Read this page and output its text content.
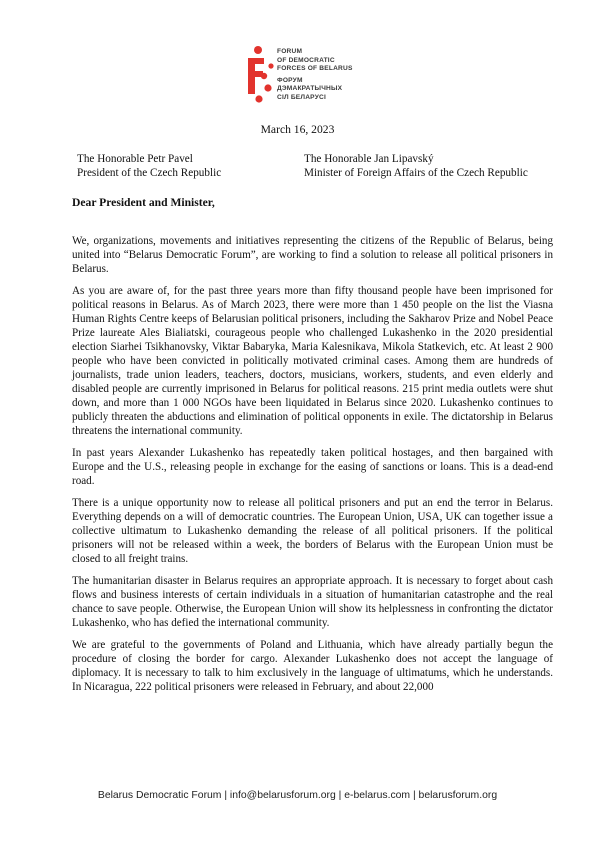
FORUM
OF DEMOCRATIC
FORCES OF BELARUS
ФОРУМ
ДЭМАКРАТЫЧНЫХ
СІЛ БЕЛАРУСІ
March 16, 2023
The Honorable Petr Pavel
President of the Czech Republic
The Honorable Jan Lipavský
Minister of Foreign Affairs of the Czech Republic
Dear President and Minister,

We, organizations, movements and initiatives representing the citizens of the Republic of Belarus, being united into “Belarus Democratic Forum”, are working to find a solution to release all political prisoners in Belarus.

As you are aware of, for the past three years more than fifty thousand people have been imprisoned for political reasons in Belarus. As of March 2023, there were more than 1 450 people on the list the Viasna Human Rights Centre keeps of Belarusian political prisoners, including the Sakharov Prize and Nobel Peace Prize laureate Ales Bialiatski, courageous people who challenged Lukashenko in the 2020 presidential election Siarhei Tsikhanovsky, Viktar Babaryka, Maria Kalesnikava, Mikola Statkevich, etc. At least 2 900 people who have been convicted in politically motivated criminal cases. Among them are hundreds of journalists, trade union leaders, teachers, doctors, musicians, workers, students, and even elderly and disabled people are currently imprisoned in Belarus for political reasons. 215 print media outlets were shut down, and more than 1 000 NGOs have been liquidated in Belarus since 2020. Lukashenko continues to publicly threaten the abductions and elimination of political opponents in exile. The dictatorship in Belarus threatens the international community.

In past years Alexander Lukashenko has repeatedly taken political hostages, and then bargained with Europe and the U.S., releasing people in exchange for the easing of sanctions or loans. This is a dead-end road.

There is a unique opportunity now to release all political prisoners and put an end the terror in Belarus. Everything depends on a will of democratic countries. The European Union, USA, UK can together issue a collective ultimatum to Lukashenko demanding the release of all political prisoners. If the political prisoners will not be released within a week, the borders of Belarus with the European Union must be closed to all freight trains.

The humanitarian disaster in Belarus requires an appropriate approach. It is necessary to forget about cash flows and business interests of certain individuals in a situation of humanitarian catastrophe and the real chance to save people. Otherwise, the European Union will show its helplessness in confronting the dictator Lukashenko, who has defied the international community.

We are grateful to the governments of Poland and Lithuania, which have already partially begun the procedure of closing the border for cargo. Alexander Lukashenko does not accept the language of diplomacy. It is necessary to talk to him exclusively in the language of ultimatums, which he understands. In Nicaragua, 222 political prisoners were released in February, and about 22,000

Belarus Democratic Forum | info@belarusforum.org | e-belarus.com | belarusforum.org
